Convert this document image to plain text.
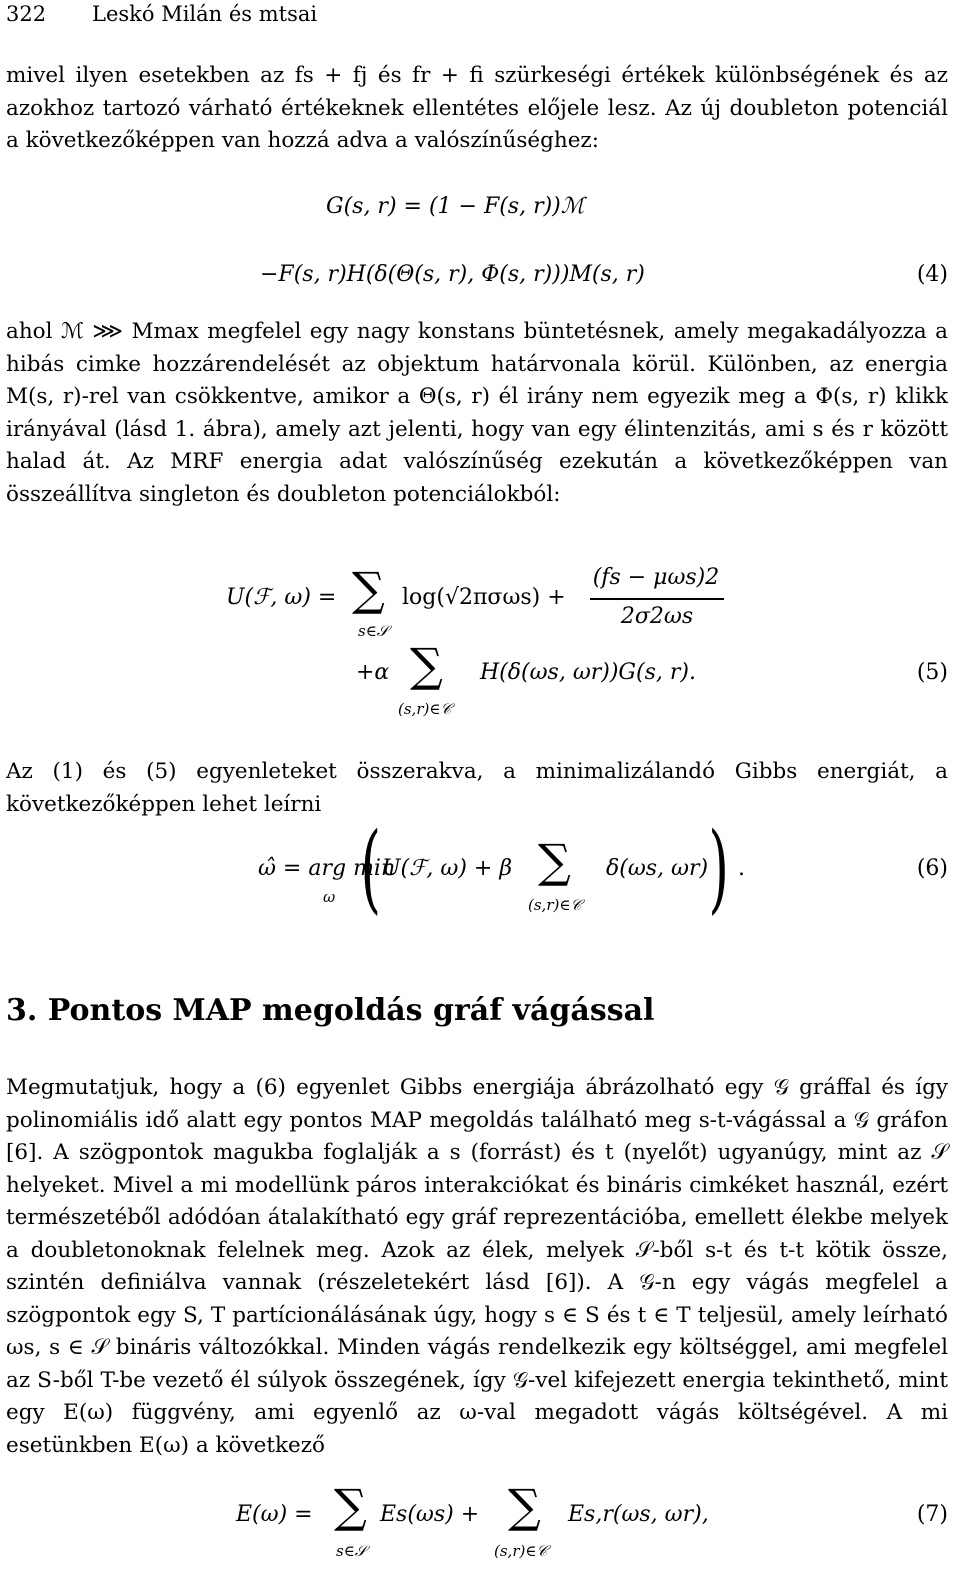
322 Leskó Milán és mtsai

mivel ilyen esetekben az fs + fj és fr + fi szürkeségi értékek különbségének és az azokhoz tartozó várható értékeknek ellentétes előjele lesz. Az új doubleton potenciál a következőképpen van hozzá adva a valószínűséghez:

G(s, r) = (1 − F(s, r))ℳ
−F(s, r)H(δ(Θ(s, r), Φ(s, r)))M(s, r)	(4)

ahol ℳ ⋙ Mmax megfelel egy nagy konstans büntetésnek, amely megakadályozza a hibás cimke hozzárendelését az objektum határvonala körül. Különben, az energia M(s, r)-rel van csökkentve, amikor a Θ(s, r) él irány nem egyezik meg a Φ(s, r) klikk irányával (lásd 1. ábra), amely azt jelenti, hogy van egy élintenzitás, ami s és r között halad át. Az MRF energia adat valószínűség ezekután a következőképpen van összeállítva singleton és doubleton potenciálokból:

U(ℱ, ω) = ∑
s∈𝒮
log(√2πσωs) +
(fs − μωs)2
2σ2ωs
+α ∑
(s,r)∈𝒞
H(δ(ωs, ωr))G(s, r).	(5)

Az (1) és (5) egyenleteket összerakva, a minimalizálandó Gibbs energiát, a következőképpen lehet leírni

ω̂ = arg min
ω ( U(ℱ, ω) + β ∑
(s,r)∈𝒞
δ(ωs, ωr) ) .	(6)
3. Pontos MAP megoldás gráf vágással

Megmutatjuk, hogy a (6) egyenlet Gibbs energiája ábrázolható egy 𝒢 gráffal és így polinomiális idő alatt egy pontos MAP megoldás található meg s-t-vágással a 𝒢 gráfon [6]. A szögpontok magukba foglalják a s (forrást) és t (nyelőt) ugyanúgy, mint az 𝒮 helyeket. Mivel a mi modellünk páros interakciókat és bináris cimkéket használ, ezért természetéből adódóan átalakítható egy gráf reprezentációba, emellett élekbe melyek a doubletonoknak felelnek meg. Azok az élek, melyek 𝒮-ből s-t és t-t kötik össze, szintén definiálva vannak (részeletekért lásd [6]). A 𝒢-n egy vágás megfelel a szögpontok egy S, T partícionálásának úgy, hogy s ∈ S és t ∈ T teljesül, amely leírható ωs, s ∈ 𝒮 bináris változókkal. Minden vágás rendelkezik egy költséggel, ami megfelel az S-ből T-be vezető él súlyok összegének, így 𝒢-vel kifejezett energia tekinthető, mint egy E(ω) függvény, ami egyenlő az ω-val megadott vágás költségével. A mi esetünkben E(ω) a következő

E(ω) = ∑
s∈𝒮
Es(ωs) + ∑
(s,r)∈𝒞
Es,r(ωs, ωr),	(7)
